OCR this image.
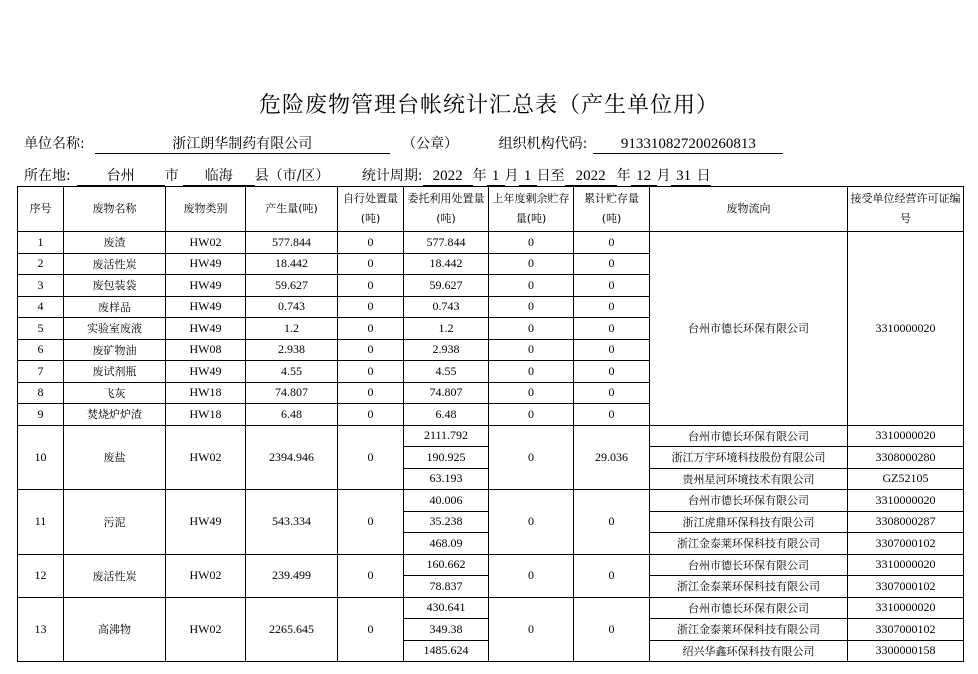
危险废物管理台帐统计汇总表（产生单位用）
单位名称:	浙江朗华制药有限公司	（公章）	组织机构代码: 913310827200260813
所在地:	台州 市 临海 县（市/区） 统计周期: 2022 年 1 月 1 日至 2022 年 12 月 31 日
序号	废物名称	废物类别	产生量(吨)	自行处置量(吨)	委托利用处置量(吨)	上年度剩余贮存量(吨)	累计贮存量(吨)	废物流向	接受单位经营许可证编号
1	废渣	HW02	577.844	0	577.844	0	0	台州市德长环保有限公司	3310000020
2	废活性炭	HW49	18.442	0	18.442	0	0		
3	废包装袋	HW49	59.627	0	59.627	0	0		
4	废样品	HW49	0.743	0	0.743	0	0		
5	实验室废液	HW49	1.2	0	1.2	0	0		
6	废矿物油	HW08	2.938	0	2.938	0	0		
7	废试剂瓶	HW49	4.55	0	4.55	0	0		
8	飞灰	HW18	74.807	0	74.807	0	0		
9	焚烧炉炉渣	HW18	6.48	0	6.48	0	0		
10	废盐	HW02	2394.946	0	2111.792	0	29.036	台州市德长环保有限公司	3310000020
					190.925			浙江万宇环境科技股份有限公司	3308000280
					63.193			贵州星河环境技术有限公司	GZ52105
11	污泥	HW49	543.334	0	40.006	0	0	台州市德长环保有限公司	3310000020
					35.238			浙江虎鼎环保科技有限公司	3308000287
					468.09			浙江金泰莱环保科技有限公司	3307000102
12	废活性炭	HW02	239.499	0	160.662	0	0	台州市德长环保有限公司	3310000020
					78.837			浙江金泰莱环保科技有限公司	3307000102
13	高沸物	HW02	2265.645	0	430.641	0	0	台州市德长环保有限公司	3310000020
					349.38			浙江金泰莱环保科技有限公司	3307000102
					1485.624			绍兴华鑫环保科技有限公司	3300000158
